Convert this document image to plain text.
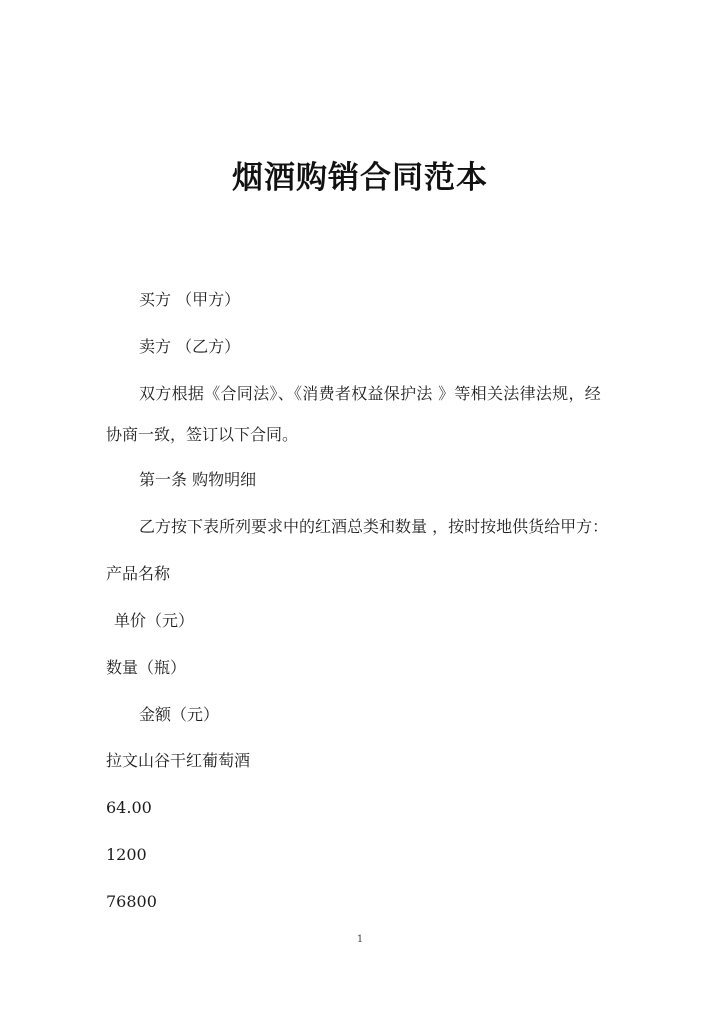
烟酒购销合同范本
买方 （甲方）
卖方 （乙方）
双方根据《合同法》、《消费者权益保护法 》等相关法律法规，经
协商一致，签订以下合同。
第一条 购物明细
乙方按下表所列要求中的红酒总类和数量 ，按时按地供货给甲方：
产品名称
单价（元）
数量（瓶）
金额（元）
拉文山谷干红葡萄酒
64.00
1200
76800
1
